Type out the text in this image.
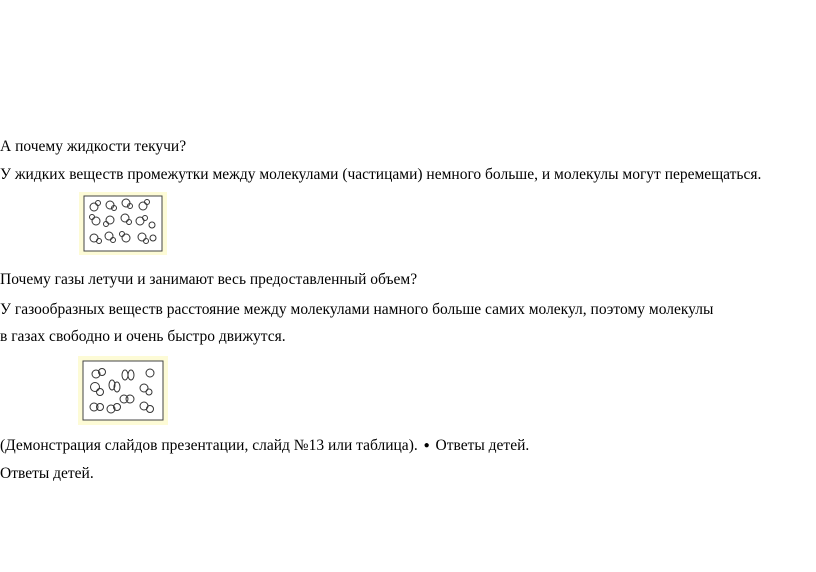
А почему жидкости текучи?

У жидких веществ промежутки между молекулами (частицами) немного больше, и молекулы могут перемещаться.

Почему газы летучи и занимают весь предоставленный объем?

У газообразных веществ расстояние между молекулами намного больше самих молекул, поэтому молекулы

в газах свободно и очень быстро движутся.

(Демонстрация слайдов презентации, слайд №13 или таблица). ● Ответы детей.

Ответы детей.
